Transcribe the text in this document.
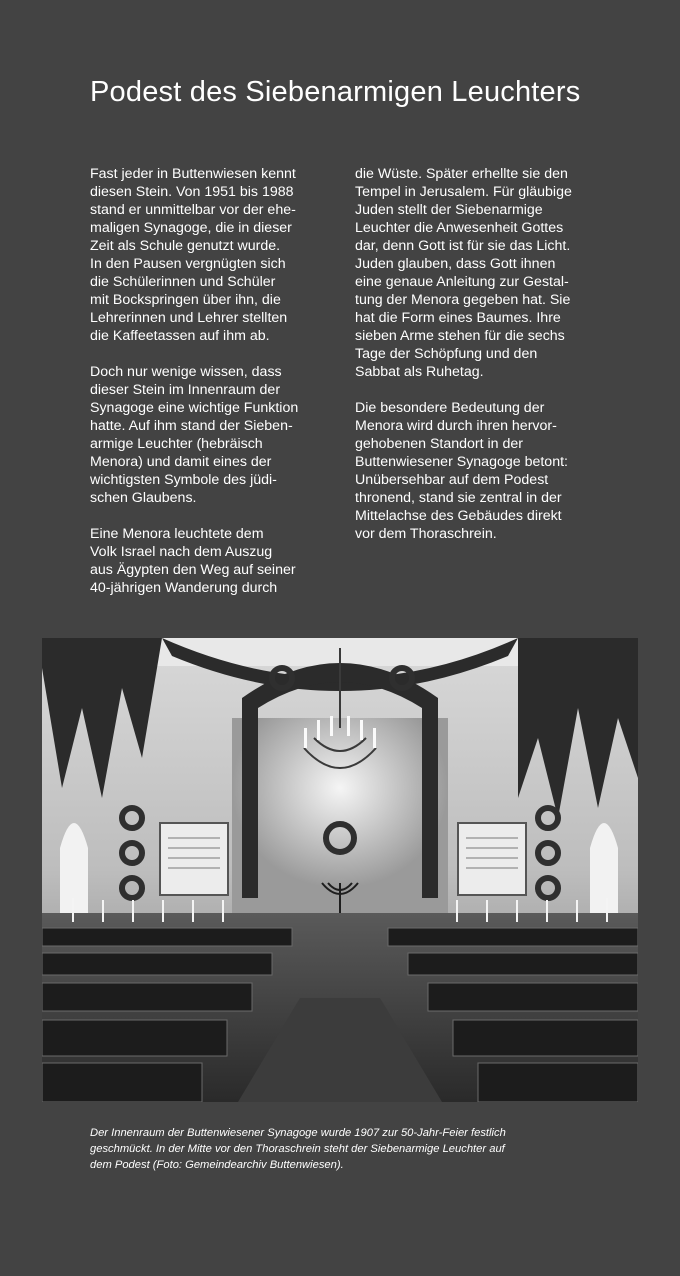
Podest des Siebenarmigen Leuchters

Fast jeder in Buttenwiesen kennt
diesen Stein. Von 1951 bis 1988
stand er unmittelbar vor der ehe-
maligen Synagoge, die in dieser
Zeit als Schule genutzt wurde.
In den Pausen vergnügten sich
die Schülerinnen und Schüler
mit Bockspringen über ihn, die
Lehrerinnen und Lehrer stellten
die Kaffeetassen auf ihm ab.

Doch nur wenige wissen, dass
dieser Stein im Innenraum der
Synagoge eine wichtige Funktion
hatte. Auf ihm stand der Sieben-
armige Leuchter (hebräisch
Menora) und damit eines der
wichtigsten Symbole des jüdi-
schen Glaubens.

Eine Menora leuchtete dem
Volk Israel nach dem Auszug
aus Ägypten den Weg auf seiner
40-jährigen Wanderung durch

die Wüste. Später erhellte sie den
Tempel in Jerusalem. Für gläubige
Juden stellt der Siebenarmige
Leuchter die Anwesenheit Gottes
dar, denn Gott ist für sie das Licht.
Juden glauben, dass Gott ihnen
eine genaue Anleitung zur Gestal-
tung der Menora gegeben hat. Sie
hat die Form eines Baumes. Ihre
sieben Arme stehen für die sechs
Tage der Schöpfung und den
Sabbat als Ruhetag.

Die besondere Bedeutung der
Menora wird durch ihren hervor-
gehobenen Standort in der
Buttenwiesener Synagoge betont:
Unübersehbar auf dem Podest
thronend, stand sie zentral in der
Mittelachse des Gebäudes direkt
vor dem Thoraschrein.

Der Innenraum der Buttenwiesener Synagoge wurde 1907 zur 50-Jahr-Feier festlich
geschmückt. In der Mitte vor den Thoraschrein steht der Siebenarmige Leuchter auf
dem Podest (Foto: Gemeindearchiv Buttenwiesen).
